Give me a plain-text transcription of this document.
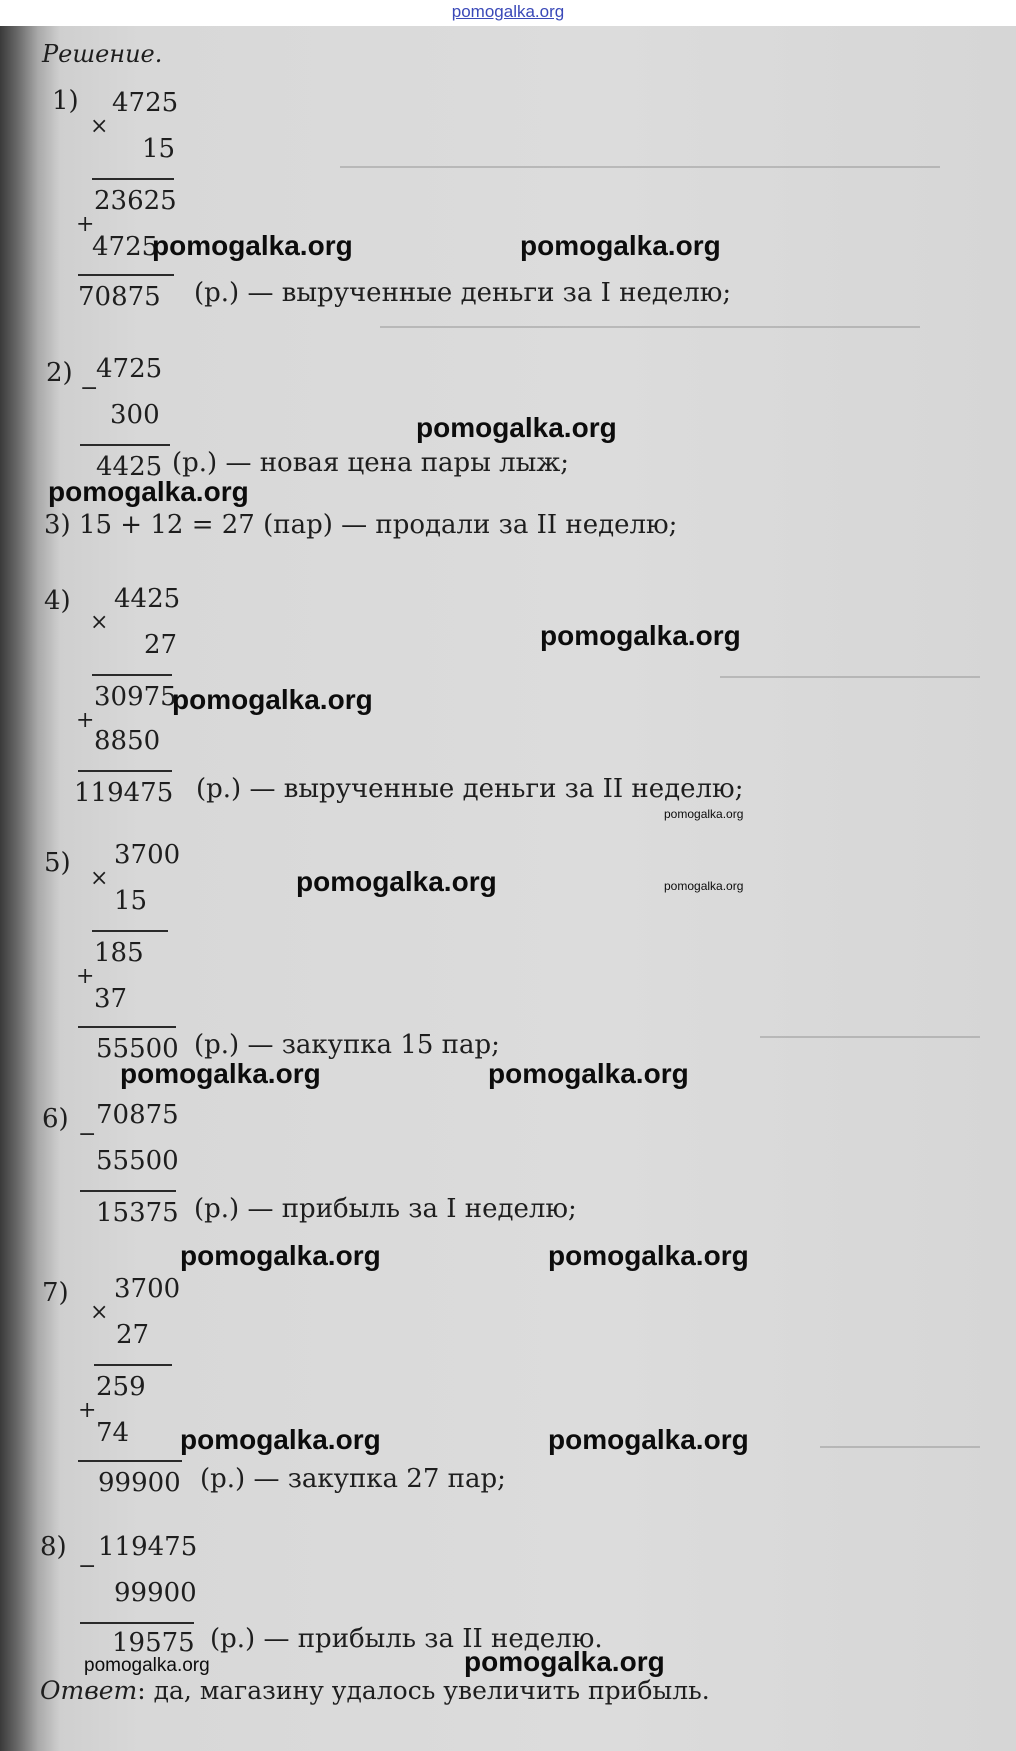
pomogalka.org
Решение.
1) 4725
×
15
23625
+
4725
70875 (р.) — вырученные деньги за I неделю;
2)
−
4725
300
4425 (р.) — новая цена пары лыж;
3) 15 + 12 = 27 (пар) — продали за II неделю;
4) 4425
×
27
30975
+
8850
119475 (р.) — вырученные деньги за II неделю;
5) 3700
×
15
185
+
37
55500 (р.) — закупка 15 пар;
6)
−
70875
55500
15375 (р.) — прибыль за I неделю;
7) 3700
×
27
259
+
74
99900 (р.) — закупка 27 пар;
8)
−
119475
99900
19575 (р.) — прибыль за II неделю.
Ответ: да, магазину удалось увеличить прибыль.
pomogalka.org	pomogalka.org
pomogalka.org
pomogalka.org
pomogalka.org
pomogalka.org
pomogalka.org
pomogalka.org	pomogalka.org
pomogalka.org	pomogalka.org
pomogalka.org	pomogalka.org
pomogalka.org	pomogalka.org
pomogalka.org
pomogalka.org
